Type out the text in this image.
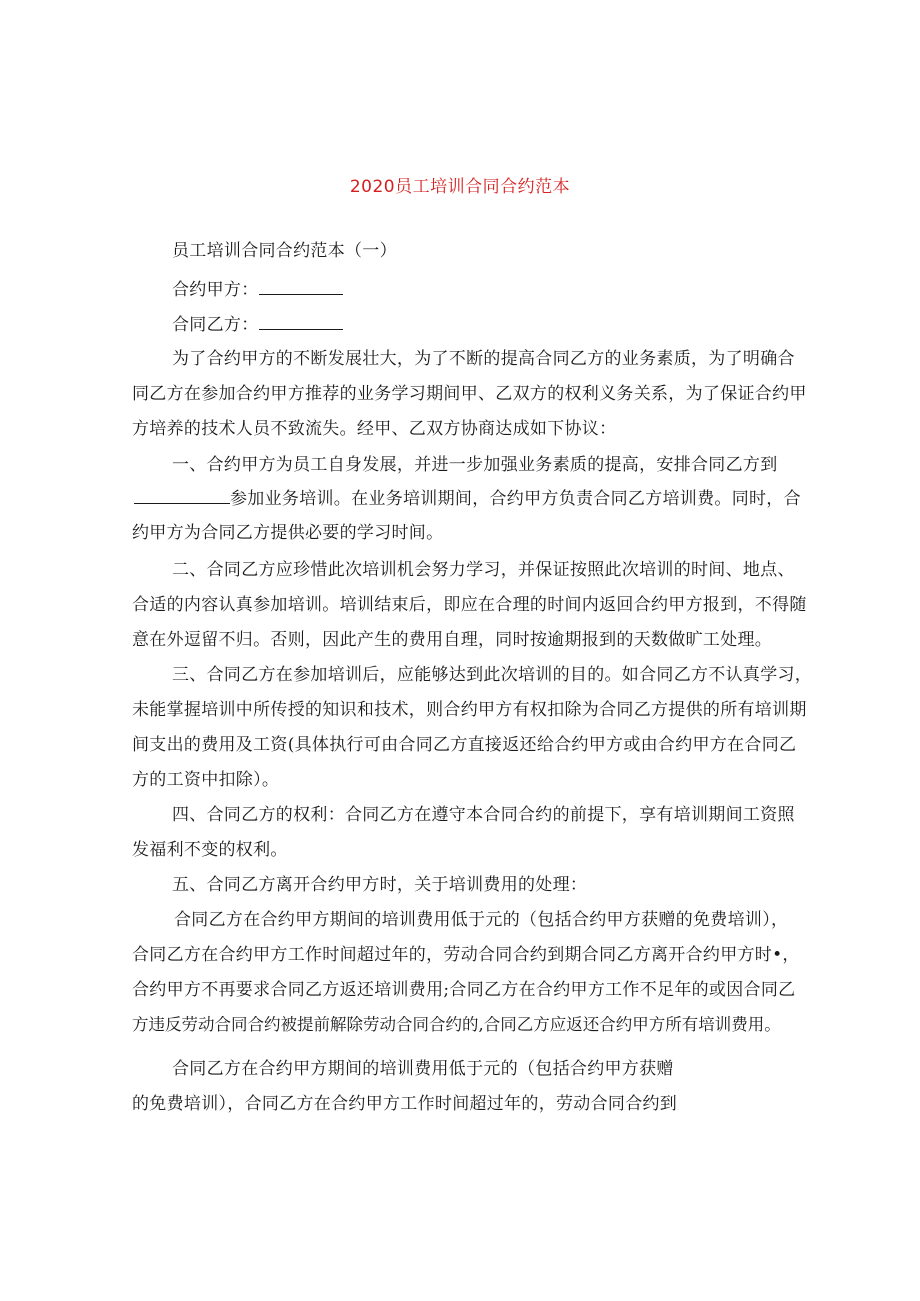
2020员工培训合同合约范本
员工培训合同合约范本（一）
合约甲方：
合同乙方：
为了合约甲方的不断发展壮大，为了不断的提高合同乙方的业务素质，为了明确合
同乙方在参加合约甲方推荐的业务学习期间甲、乙双方的权利义务关系，为了保证合约甲
方培养的技术人员不致流失。经甲、乙双方协商达成如下协议：
一、合约甲方为员工自身发展，并进一步加强业务素质的提高，安排合同乙方到
参加业务培训。在业务培训期间，合约甲方负责合同乙方培训费。同时，合
约甲方为合同乙方提供必要的学习时间。
二、合同乙方应珍惜此次培训机会努力学习，并保证按照此次培训的时间、地点、
合适的内容认真参加培训。培训结束后，即应在合理的时间内返回合约甲方报到，不得随
意在外逗留不归。否则，因此产生的费用自理，同时按逾期报到的天数做旷工处理。
三、合同乙方在参加培训后，应能够达到此次培训的目的。如合同乙方不认真学习，
未能掌握培训中所传授的知识和技术，则合约甲方有权扣除为合同乙方提供的所有培训期
间支出的费用及工资(具体执行可由合同乙方直接返还给合约甲方或由合约甲方在合同乙
方的工资中扣除）。
四、合同乙方的权利：合同乙方在遵守本合同合约的前提下，享有培训期间工资照
发福利不变的权利。
五、合同乙方离开合约甲方时，关于培训费用的处理：
合同乙方在合约甲方期间的培训费用低于元的（包括合约甲方获赠的免费培训），
合同乙方在合约甲方工作时间超过年的，劳动合同合约到期合同乙方离开合约甲方时•，
合约甲方不再要求合同乙方返还培训费用;合同乙方在合约甲方工作不足年的或因合同乙
方违反劳动合同合约被提前解除劳动合同合约的,合同乙方应返还合约甲方所有培训费用。
合同乙方在合约甲方期间的培训费用低于元的（包括合约甲方获赠
的免费培训），合同乙方在合约甲方工作时间超过年的，劳动合同合约到
